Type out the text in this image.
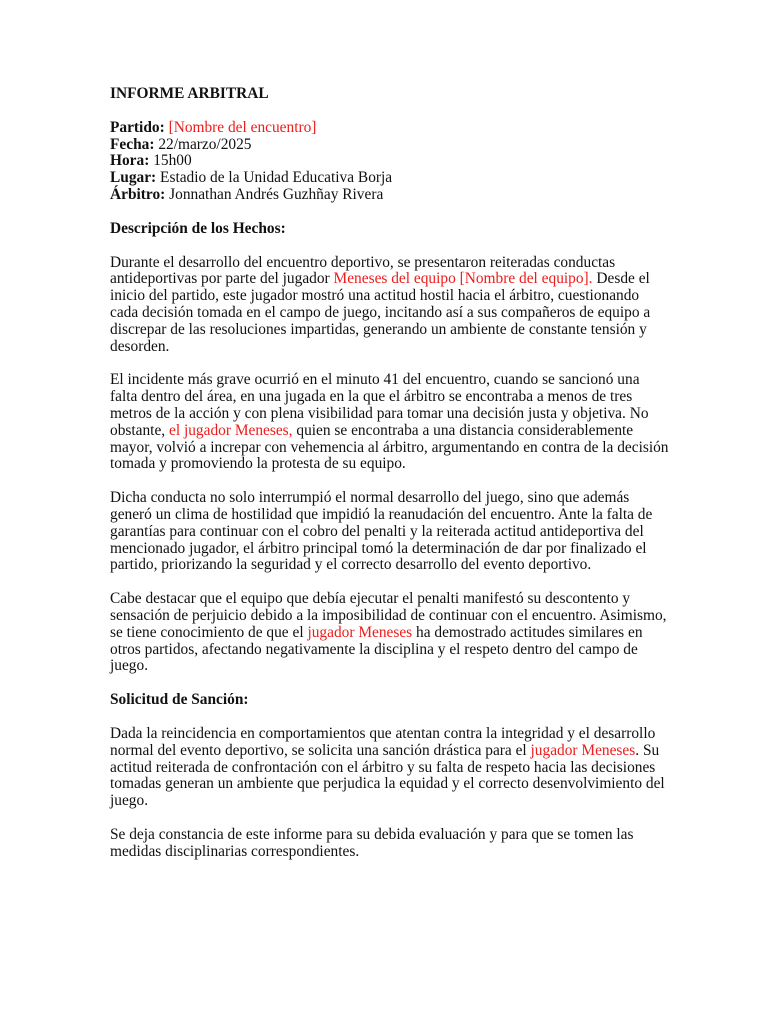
INFORME ARBITRAL
Partido: [Nombre del encuentro]
Fecha: 22/marzo/2025
Hora: 15h00
Lugar: Estadio de la Unidad Educativa Borja
Árbitro: Jonnathan Andrés Guzhñay Rivera
Descripción de los Hechos:

Durante el desarrollo del encuentro deportivo, se presentaron reiteradas conductas antideportivas por parte del jugador Meneses del equipo [Nombre del equipo]. Desde el inicio del partido, este jugador mostró una actitud hostil hacia el árbitro, cuestionando cada decisión tomada en el campo de juego, incitando así a sus compañeros de equipo a discrepar de las resoluciones impartidas, generando un ambiente de constante tensión y desorden.

El incidente más grave ocurrió en el minuto 41 del encuentro, cuando se sancionó una falta dentro del área, en una jugada en la que el árbitro se encontraba a menos de tres metros de la acción y con plena visibilidad para tomar una decisión justa y objetiva. No obstante, el jugador Meneses, quien se encontraba a una distancia considerablemente mayor, volvió a increpar con vehemencia al árbitro, argumentando en contra de la decisión tomada y promoviendo la protesta de su equipo.

Dicha conducta no solo interrumpió el normal desarrollo del juego, sino que además generó un clima de hostilidad que impidió la reanudación del encuentro. Ante la falta de garantías para continuar con el cobro del penalti y la reiterada actitud antideportiva del mencionado jugador, el árbitro principal tomó la determinación de dar por finalizado el partido, priorizando la seguridad y el correcto desarrollo del evento deportivo.

Cabe destacar que el equipo que debía ejecutar el penalti manifestó su descontento y sensación de perjuicio debido a la imposibilidad de continuar con el encuentro. Asimismo, se tiene conocimiento de que el jugador Meneses ha demostrado actitudes similares en otros partidos, afectando negativamente la disciplina y el respeto dentro del campo de juego.

Solicitud de Sanción:

Dada la reincidencia en comportamientos que atentan contra la integridad y el desarrollo normal del evento deportivo, se solicita una sanción drástica para el jugador Meneses. Su actitud reiterada de confrontación con el árbitro y su falta de respeto hacia las decisiones tomadas generan un ambiente que perjudica la equidad y el correcto desenvolvimiento del juego.

Se deja constancia de este informe para su debida evaluación y para que se tomen las medidas disciplinarias correspondientes.
